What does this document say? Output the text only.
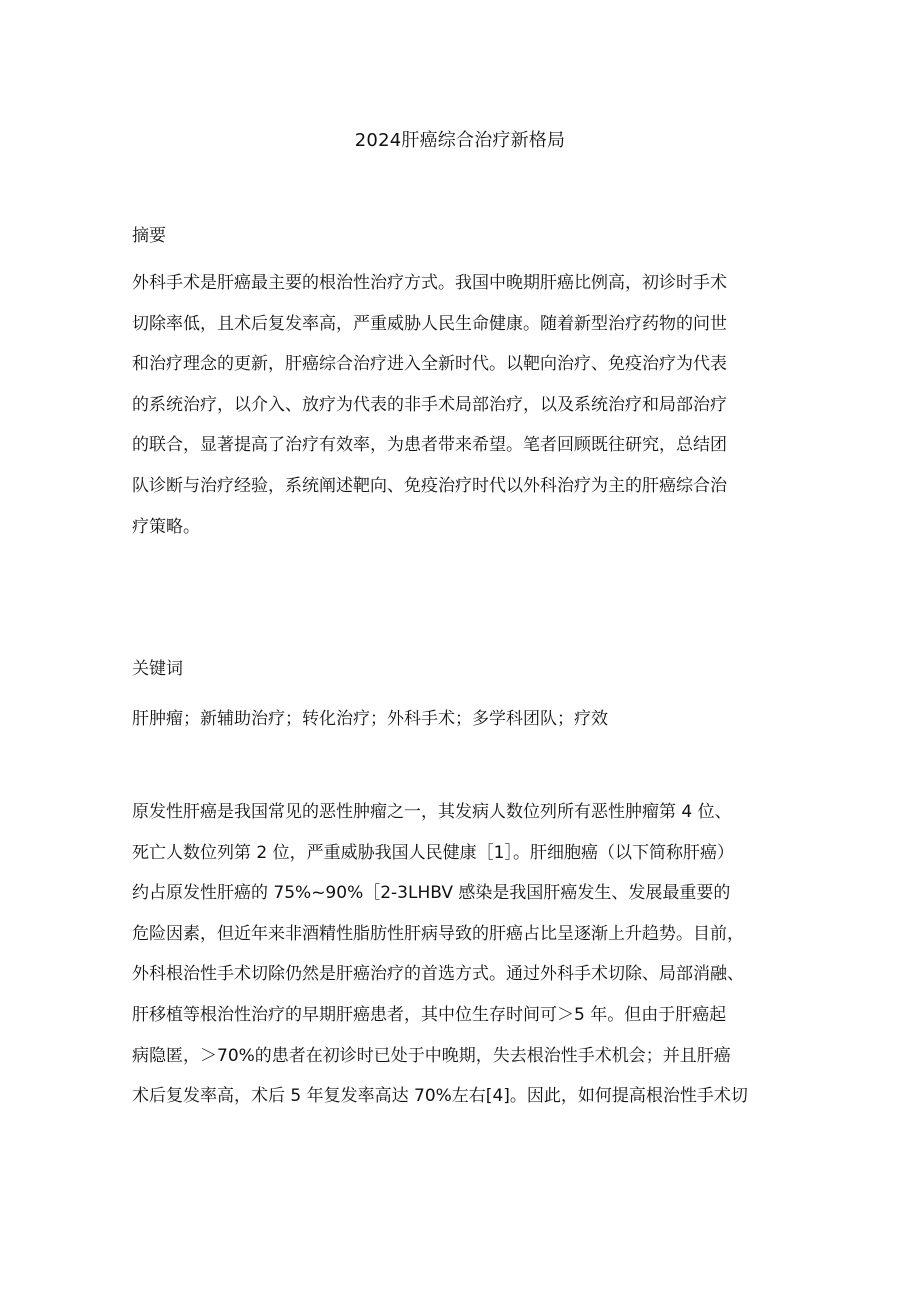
2024肝癌综合治疗新格局
摘要
外科手术是肝癌最主要的根治性治疗方式。我国中晚期肝癌比例高，初诊时手术
切除率低，且术后复发率高，严重威胁人民生命健康。随着新型治疗药物的问世
和治疗理念的更新，肝癌综合治疗进入全新时代。以靶向治疗、免疫治疗为代表
的系统治疗，以介入、放疗为代表的非手术局部治疗，以及系统治疗和局部治疗
的联合，显著提高了治疗有效率，为患者带来希望。笔者回顾既往研究，总结团
队诊断与治疗经验，系统阐述靶向、免疫治疗时代以外科治疗为主的肝癌综合治
疗策略。
关键词
肝肿瘤；新辅助治疗；转化治疗；外科手术；多学科团队；疗效
原发性肝癌是我国常见的恶性肿瘤之一，其发病人数位列所有恶性肿瘤第 4 位、
死亡人数位列第 2 位，严重威胁我国人民健康［1］。肝细胞癌（以下简称肝癌）
约占原发性肝癌的 75%~90%［2-3LHBV 感染是我国肝癌发生、发展最重要的
危险因素，但近年来非酒精性脂肪性肝病导致的肝癌占比呈逐渐上升趋势。目前，
外科根治性手术切除仍然是肝癌治疗的首选方式。通过外科手术切除、局部消融、
肝移植等根治性治疗的早期肝癌患者，其中位生存时间可＞5 年。但由于肝癌起
病隐匿，＞70%的患者在初诊时已处于中晚期，失去根治性手术机会；并且肝癌
术后复发率高，术后 5 年复发率高达 70%左右[4]。因此，如何提高根治性手术切
